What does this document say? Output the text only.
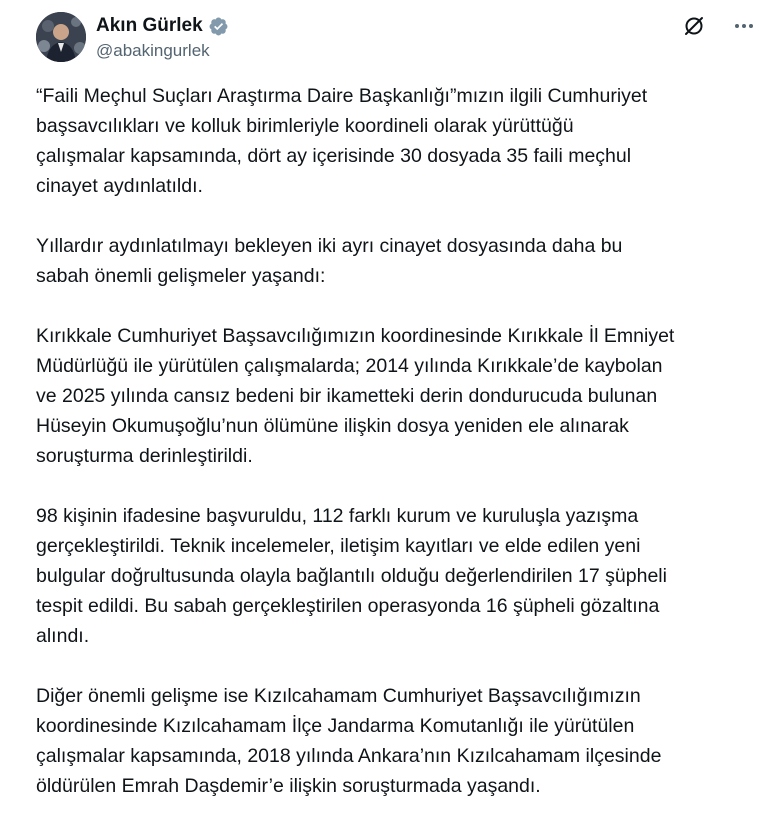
Akın Gürlek
@abakingurlek

“Faili Meçhul Suçları Araştırma Daire Başkanlığı”mızın ilgili Cumhuriyet
başsavcılıkları ve kolluk birimleriyle koordineli olarak yürüttüğü
çalışmalar kapsamında, dört ay içerisinde 30 dosyada 35 faili meçhul
cinayet aydınlatıldı.

Yıllardır aydınlatılmayı bekleyen iki ayrı cinayet dosyasında daha bu
sabah önemli gelişmeler yaşandı:

Kırıkkale Cumhuriyet Başsavcılığımızın koordinesinde Kırıkkale İl Emniyet
Müdürlüğü ile yürütülen çalışmalarda; 2014 yılında Kırıkkale’de kaybolan
ve 2025 yılında cansız bedeni bir ikametteki derin dondurucuda bulunan
Hüseyin Okumuşoğlu’nun ölümüne ilişkin dosya yeniden ele alınarak
soruşturma derinleştirildi.

98 kişinin ifadesine başvuruldu, 112 farklı kurum ve kuruluşla yazışma
gerçekleştirildi. Teknik incelemeler, iletişim kayıtları ve elde edilen yeni
bulgular doğrultusunda olayla bağlantılı olduğu değerlendirilen 17 şüpheli
tespit edildi. Bu sabah gerçekleştirilen operasyonda 16 şüpheli gözaltına
alındı.

Diğer önemli gelişme ise Kızılcahamam Cumhuriyet Başsavcılığımızın
koordinesinde Kızılcahamam İlçe Jandarma Komutanlığı ile yürütülen
çalışmalar kapsamında, 2018 yılında Ankara’nın Kızılcahamam ilçesinde
öldürülen Emrah Daşdemir’e ilişkin soruşturmada yaşandı.
